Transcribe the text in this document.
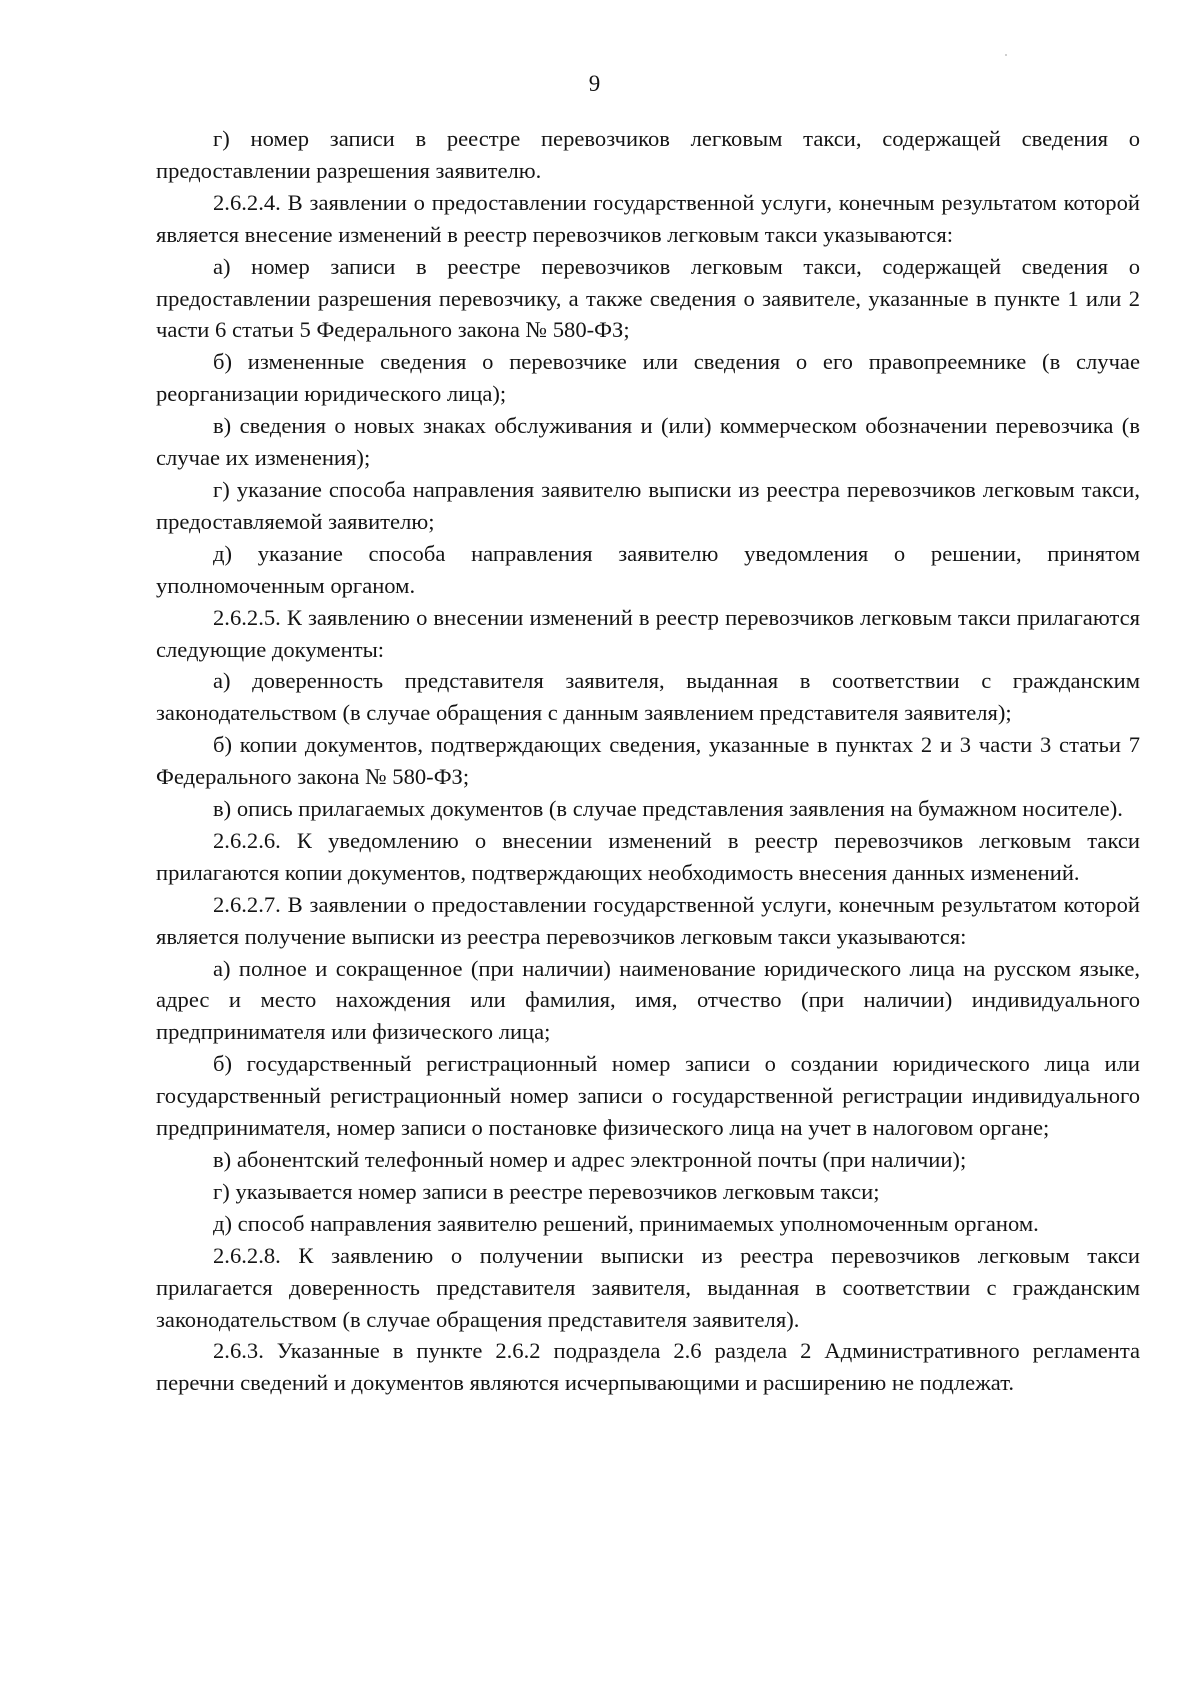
9

г) номер записи в реестре перевозчиков легковым такси, содержащей сведения о предоставлении разрешения заявителю.

2.6.2.4. В заявлении о предоставлении государственной услуги, конечным результатом которой является внесение изменений в реестр перевозчиков легковым такси указываются:

а) номер записи в реестре перевозчиков легковым такси, содержащей сведения о предоставлении разрешения перевозчику, а также сведения о заявителе, указанные в пункте 1 или 2 части 6 статьи 5 Федерального закона № 580-ФЗ;

б) измененные сведения о перевозчике или сведения о его правопреемнике (в случае реорганизации юридического лица);

в) сведения о новых знаках обслуживания и (или) коммерческом обозначении перевозчика (в случае их изменения);

г) указание способа направления заявителю выписки из реестра перевозчиков легковым такси, предоставляемой заявителю;

д) указание способа направления заявителю уведомления о решении, принятом уполномоченным органом.

2.6.2.5. К заявлению о внесении изменений в реестр перевозчиков легковым такси прилагаются следующие документы:

а) доверенность представителя заявителя, выданная в соответствии с гражданским законодательством (в случае обращения с данным заявлением представителя заявителя);

б) копии документов, подтверждающих сведения, указанные в пунктах 2 и 3 части 3 статьи 7 Федерального закона № 580-ФЗ;

в) опись прилагаемых документов (в случае представления заявления на бумажном носителе).

2.6.2.6. К уведомлению о внесении изменений в реестр перевозчиков легковым такси прилагаются копии документов, подтверждающих необходимость внесения данных изменений.

2.6.2.7. В заявлении о предоставлении государственной услуги, конечным результатом которой является получение выписки из реестра перевозчиков легковым такси указываются:

а) полное и сокращенное (при наличии) наименование юридического лица на русском языке, адрес и место нахождения или фамилия, имя, отчество (при наличии) индивидуального предпринимателя или физического лица;

б) государственный регистрационный номер записи о создании юридического лица или государственный регистрационный номер записи о государственной регистрации индивидуального предпринимателя, номер записи о постановке физического лица на учет в налоговом органе;

в) абонентский телефонный номер и адрес электронной почты (при наличии);

г) указывается номер записи в реестре перевозчиков легковым такси;

д) способ направления заявителю решений, принимаемых уполномоченным органом.

2.6.2.8. К заявлению о получении выписки из реестра перевозчиков легковым такси прилагается доверенность представителя заявителя, выданная в соответствии с гражданским законодательством (в случае обращения представителя заявителя).

2.6.3. Указанные в пункте 2.6.2 подраздела 2.6 раздела 2 Административного регламента перечни сведений и документов являются исчерпывающими и расширению не подлежат.
